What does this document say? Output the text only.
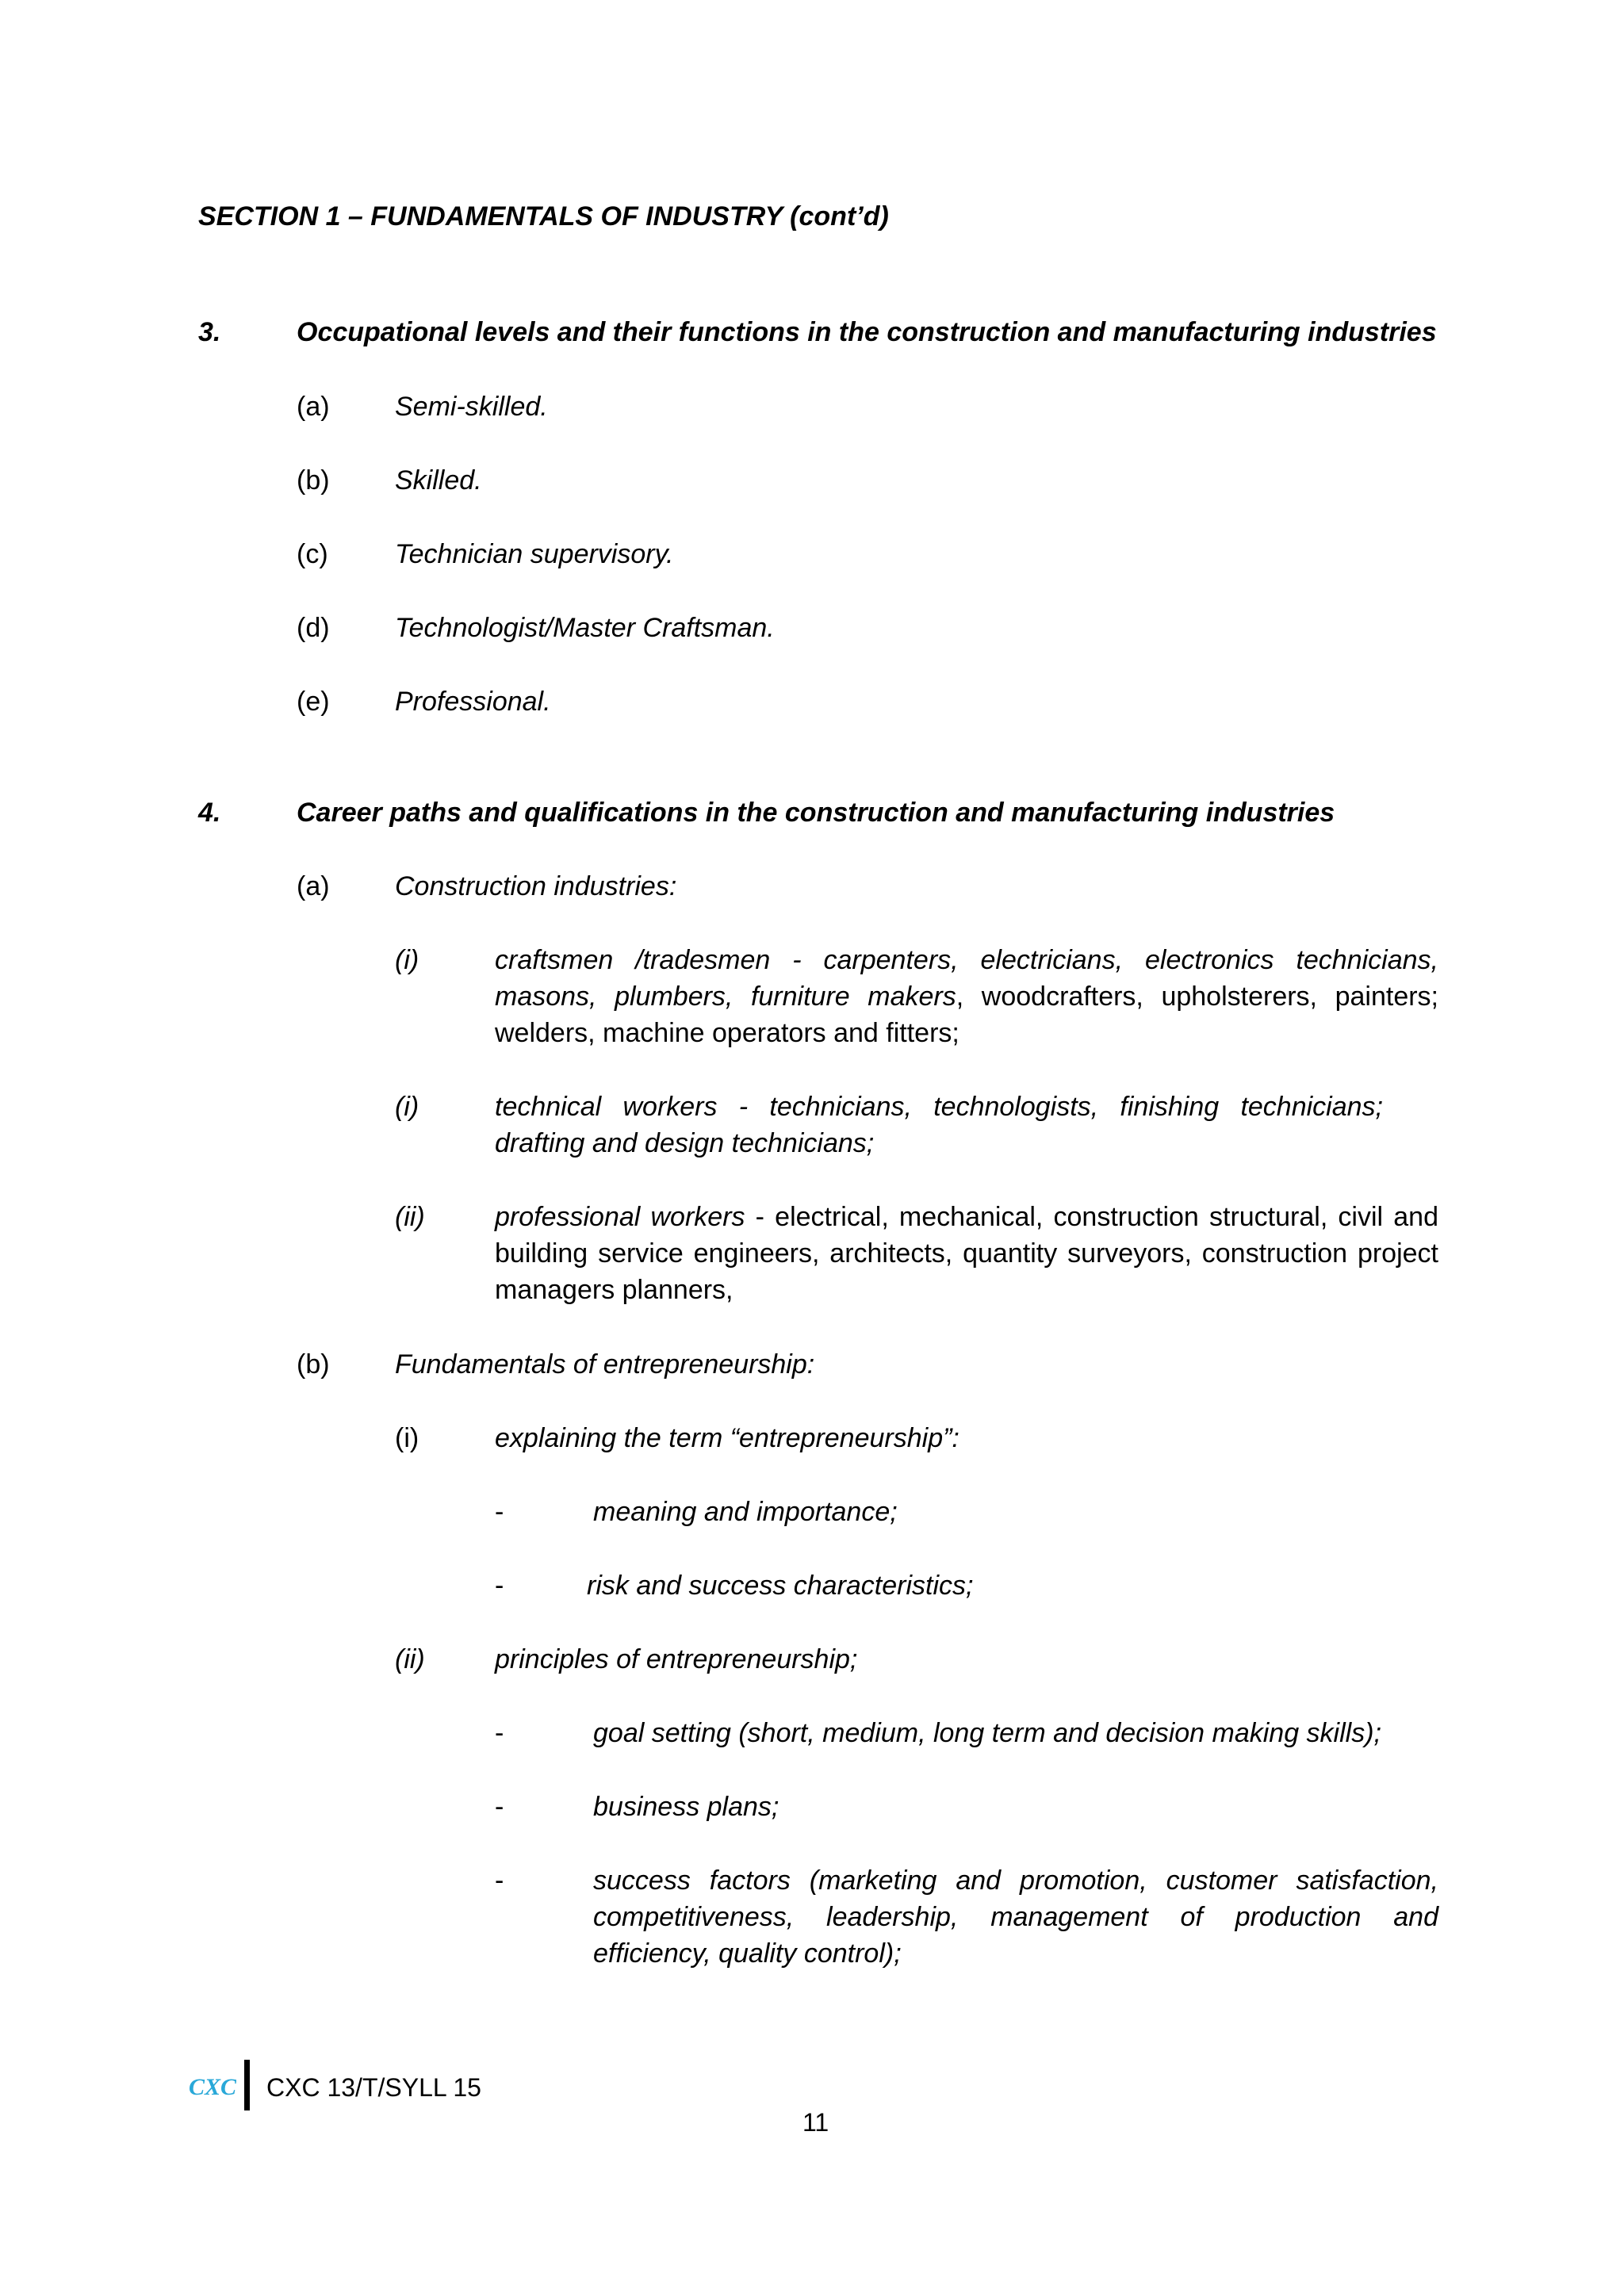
SECTION 1 – FUNDAMENTALS OF INDUSTRY (cont’d)
3.	Occupational levels and their functions in the construction and manufacturing industries
(a) Semi-skilled.
(b) Skilled.
(c) Technician supervisory.
(d) Technologist/Master Craftsman.
(e) Professional.
4.	Career paths and qualifications in the construction and manufacturing industries
(a) Construction industries:
(i)	craftsmen /tradesmen - carpenters, electricians, electronics technicians, masons, plumbers, furniture makers, woodcrafters, upholsterers, painters; welders, machine operators and fitters;
(i)	technical workers - technicians, technologists, finishing technicians; drafting and design technicians;
(ii)	professional workers - electrical, mechanical, construction structural, civil and building service engineers, architects, quantity surveyors, construction project managers planners,
(b) Fundamentals of entrepreneurship:
(i)	explaining the term “entrepreneurship”:
-	meaning and importance;
-	risk and success characteristics;
(ii)	principles of entrepreneurship;
-	goal setting (short, medium, long term and decision making skills);
-	business plans;
-	success factors (marketing and promotion, customer satisfaction, competitiveness, leadership, management of production and efficiency, quality control);
CXC CXC 13/T/SYLL 15
11
